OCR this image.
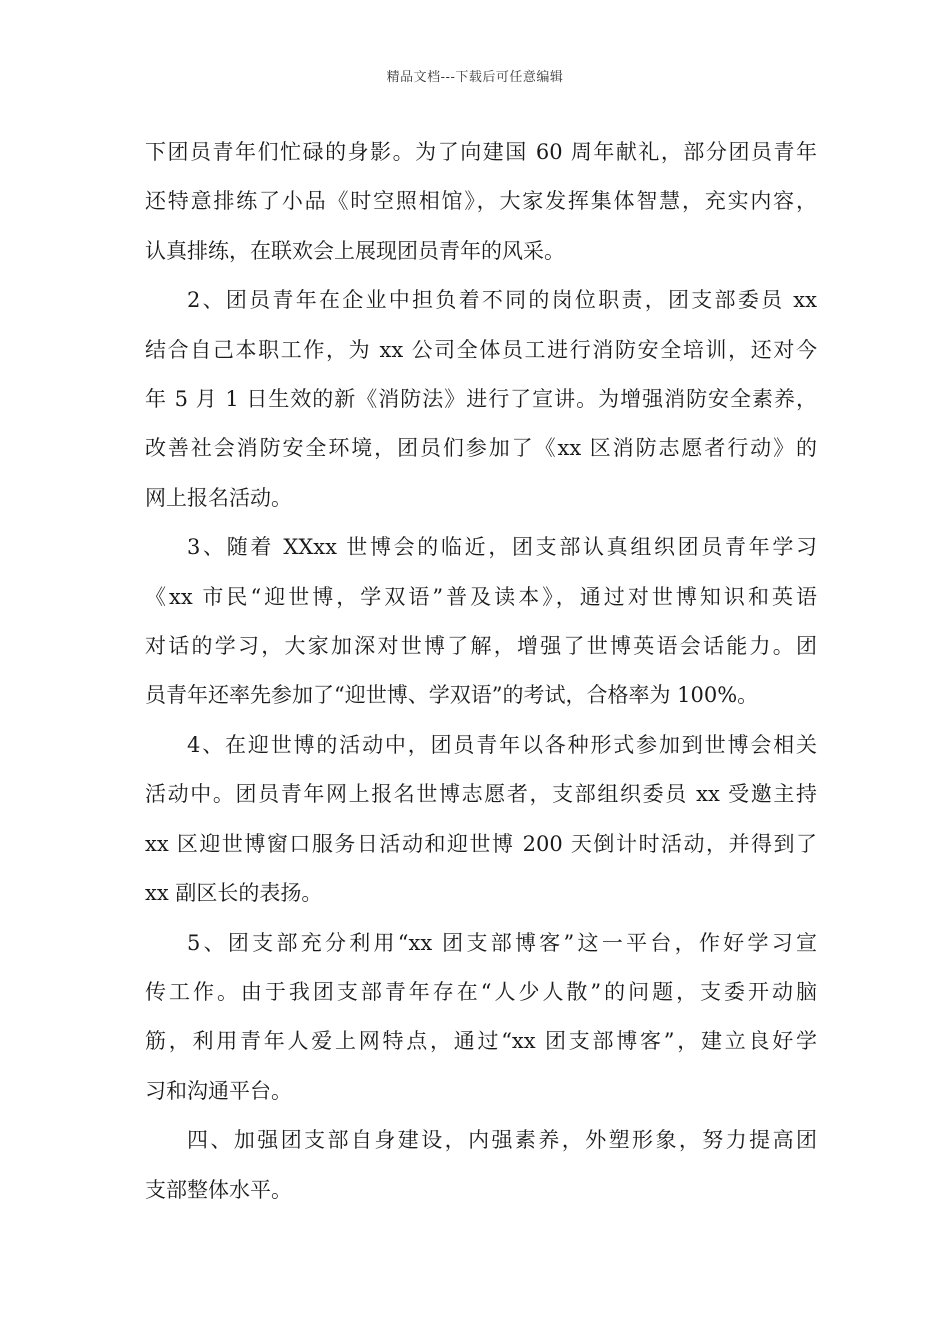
精品文档---下载后可任意编辑

下团员青年们忙碌的身影。为了向建国 60 周年献礼，部分团员青年
还特意排练了小品《时空照相馆》，大家发挥集体智慧，充实内容，
认真排练，在联欢会上展现团员青年的风采。

2、团员青年在企业中担负着不同的岗位职责，团支部委员 xx
结合自己本职工作，为 xx 公司全体员工进行消防安全培训，还对今
年 5 月 1 日生效的新《消防法》进行了宣讲。为增强消防安全素养，
改善社会消防安全环境，团员们参加了《xx 区消防志愿者行动》的
网上报名活动。

3、随着 XXxx 世博会的临近，团支部认真组织团员青年学习
《xx 市民“迎世博，学双语”普及读本》，通过对世博知识和英语
对话的学习，大家加深对世博了解，增强了世博英语会话能力。团
员青年还率先参加了“迎世博、学双语”的考试，合格率为 100%。

4、在迎世博的活动中，团员青年以各种形式参加到世博会相关
活动中。团员青年网上报名世博志愿者，支部组织委员 xx 受邀主持
xx 区迎世博窗口服务日活动和迎世博 200 天倒计时活动，并得到了
xx 副区长的表扬。

5、团支部充分利用“xx 团支部博客”这一平台，作好学习宣
传工作。由于我团支部青年存在“人少人散”的问题，支委开动脑
筋，利用青年人爱上网特点，通过“xx 团支部博客”，建立良好学
习和沟通平台。

四、加强团支部自身建设，内强素养，外塑形象，努力提高团
支部整体水平。
